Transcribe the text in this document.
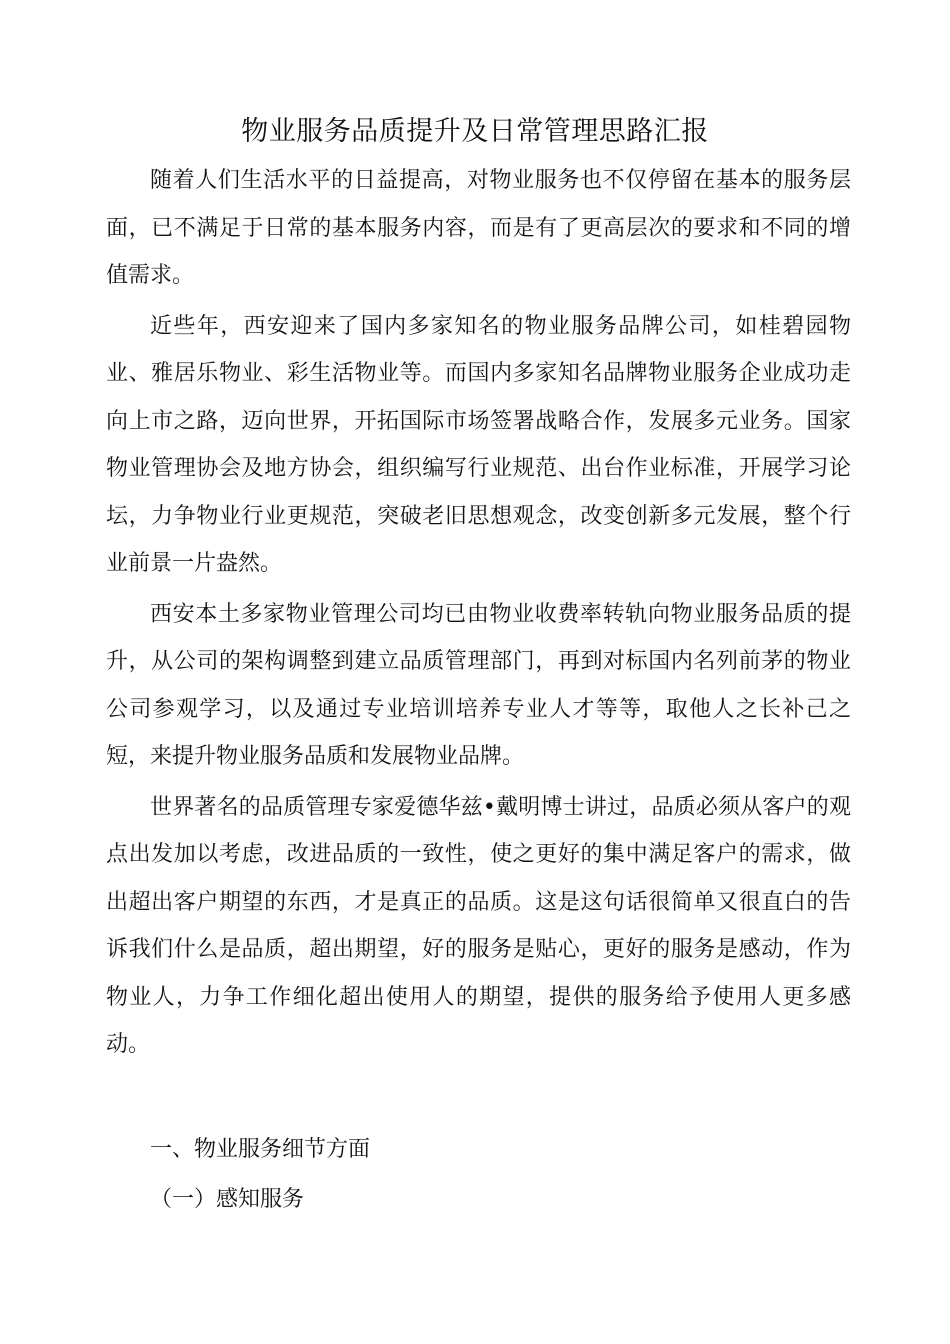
物业服务品质提升及日常管理思路汇报

随着人们生活水平的日益提高，对物业服务也不仅停留在基本的服务层面，已不满足于日常的基本服务内容，而是有了更高层次的要求和不同的增值需求。

近些年，西安迎来了国内多家知名的物业服务品牌公司，如桂碧园物业、雅居乐物业、彩生活物业等。而国内多家知名品牌物业服务企业成功走向上市之路，迈向世界，开拓国际市场签署战略合作，发展多元业务。国家物业管理协会及地方协会，组织编写行业规范、出台作业标准，开展学习论坛，力争物业行业更规范，突破老旧思想观念，改变创新多元发展，整个行业前景一片盎然。

西安本土多家物业管理公司均已由物业收费率转轨向物业服务品质的提升，从公司的架构调整到建立品质管理部门，再到对标国内名列前茅的物业公司参观学习，以及通过专业培训培养专业人才等等，取他人之长补己之短，来提升物业服务品质和发展物业品牌。

世界著名的品质管理专家爱德华兹•戴明博士讲过，品质必须从客户的观点出发加以考虑，改进品质的一致性，使之更好的集中满足客户的需求，做出超出客户期望的东西，才是真正的品质。这是这句话很简单又很直白的告诉我们什么是品质，超出期望，好的服务是贴心，更好的服务是感动，作为物业人，力争工作细化超出使用人的期望，提供的服务给予使用人更多感动。

一、物业服务细节方面
（一）感知服务
